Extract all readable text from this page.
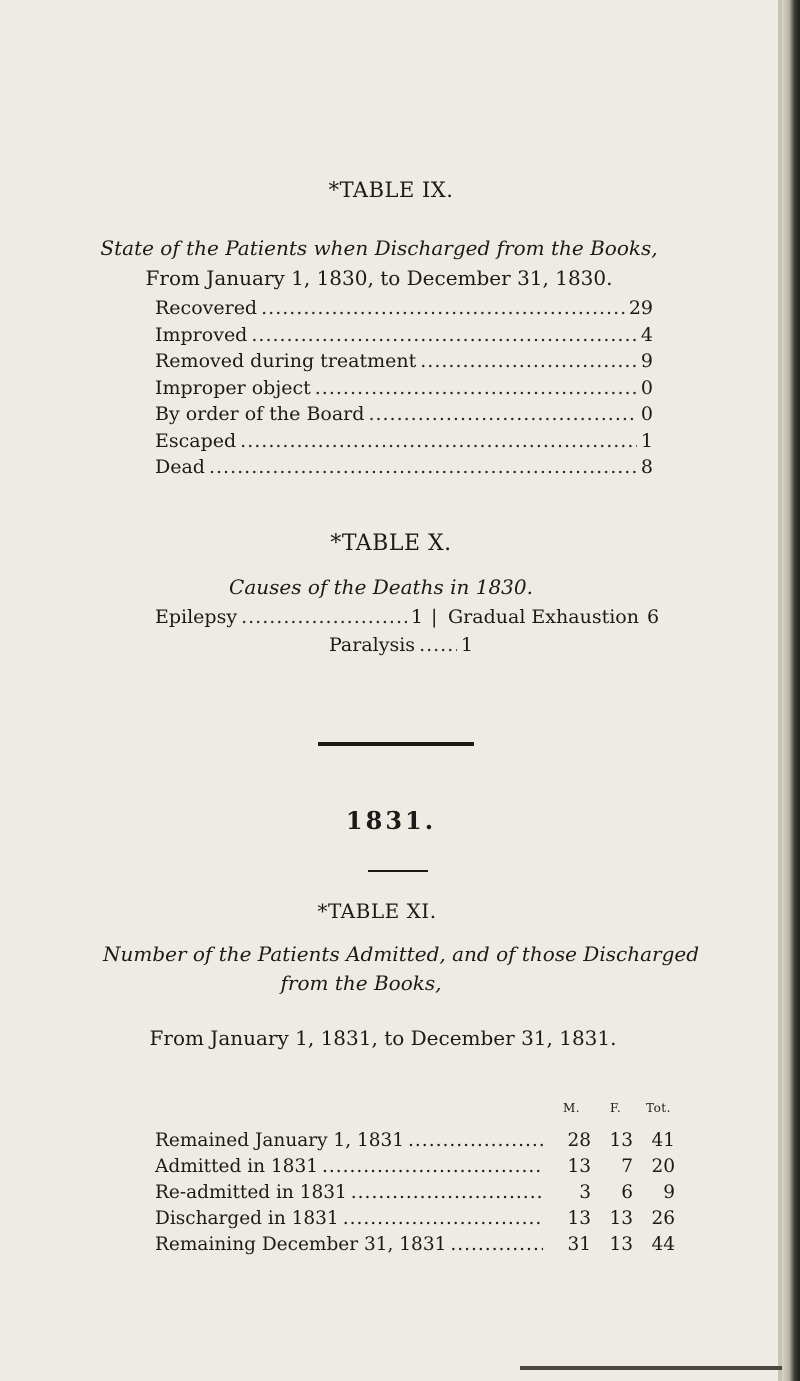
*TABLE IX.
State of the Patients when Discharged from the Books,
From January 1, 1830, to December 31, 1830.
Recovered .....	29
Improved .....	4
Removed during treatment .....	9
Improper object .....	0
By order of the Board .....	0
Escaped .....	1
Dead .....	8
*TABLE X.
Causes of the Deaths in 1830.
Epilepsy .....	1 | Gradual Exhaustion 6
Paralysis ..... 1
1831.
*TABLE XI.
Number of the Patients Admitted, and of those Discharged
from the Books,
From January 1, 1831, to December 31, 1831.
M. F. Tot.
Remained January 1, 1831 .....	28 13 41
Admitted in 1831 .....	13	7 20
Re-admitted in 1831 .....	3	6	9
Discharged in 1831 .....	13 13 26
Remaining December 31, 1831 .....	31 13 44
